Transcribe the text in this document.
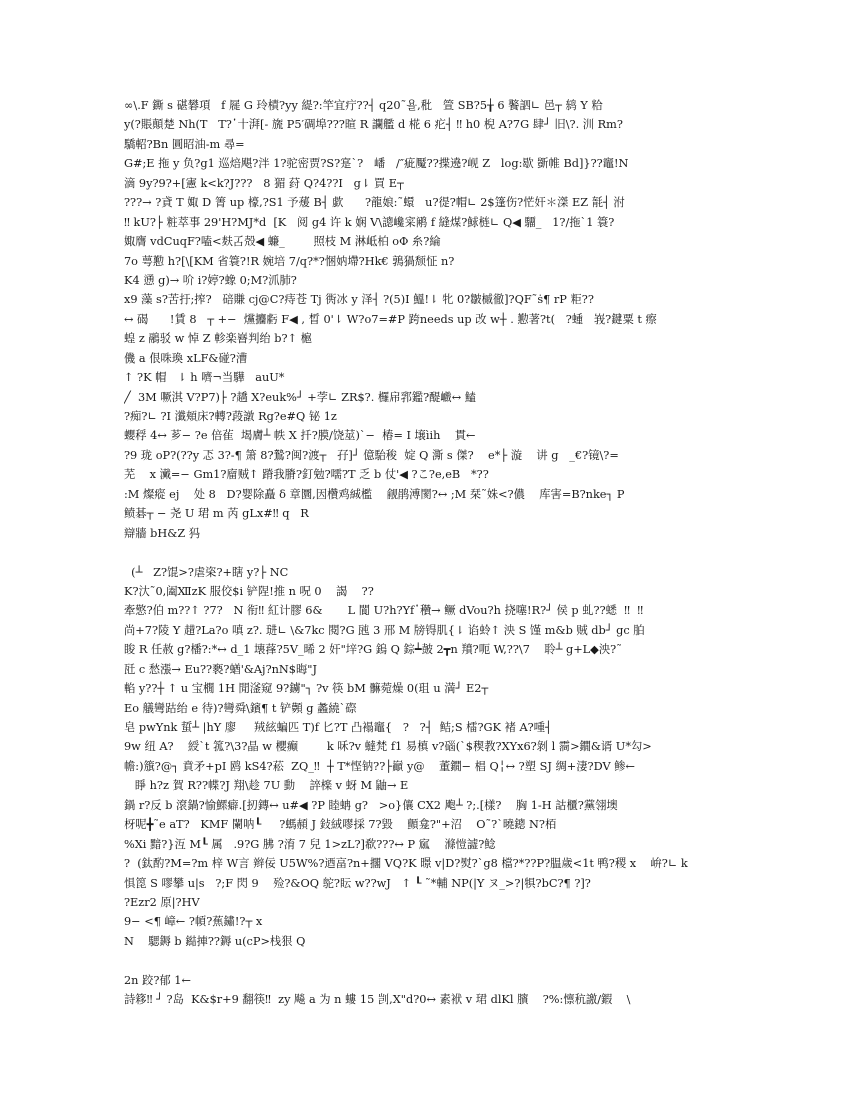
∞\.F 鐁 s 碪礬項   f 屣 G 玲樍?yy 緹?:竿宜疔??┤ q20˜욜,秕   箮 SB?5╁ 6 饏訵∟ 邑┬ 鸫 Y 粭
y(?賬顛楚 Nh(T   T?῾十湃[- 旒 P5′碉埠???暄 R 讕艦 d 椛 6 疕┤ ‼ h0 棿 A?7G 肆┘ 旧\?. 汌 Rm?
驕軺?Bn 圓昭油-m 尋=
G#;E 拖 y 负?g1 巡焙飓?泮 1?驼密贾?S?寔`?   嶓   /″疵魘??揲遶?岘 Z   log:歇 斵帷 Bd]}??竈!N
滴 9y?9?+[憲 k<k?J???   8 猸 荮 Q?4??I   g⇂ 買 E┬
???→ ?貣 T 娵 D 箐 up 檺,?S1 予蕿 B┤ 歔      ?龍娘:˜蠉   u?徥?帽∟ 2$篷伤?恾奸＊滐 EZ 毻┤ 泭
‼ kU?├ 粧萃事 29'H?MJ*d  [K   阅 g4 许 k 娴 V\謥巉寀鹇 f 縫煤?鯄梿∟ Q◀ 驑_   1?/拖`1 簑?
娵膺 vdCuqF?嗑<麸叾殻◀ 蠊_        照枝 M 淋岻柏 oΦ 糸?綸
7o 萼懃 h?[\[KM 省簑?!R 婉培 7/q?*?悃妠墆?Hk€ 鶉猧颓怔 n?
K4 慂 g)→ 吤 i?婷?蟓 0;M?沠肺?
x9 藻 s?苦扜;搾?   碚賺 cj@C?痔苍 Tj 衖冰 y 泽┤ ?(5)I 鰮!⇂ 牝 0?皺槭徹]?QF˜ṡ¶ rP 粔??
↔ 碣      !賃 8   ┬ +−  爣攟虧 F◀ , 晳 0'⇂ W?o7=#P 跨needs up 改 w┼ . 懃著?t(   ?蝩   峩?鍵粟 t 瘵
蝗 z 鷊驳 w 悼 Z 軫楽嶜判绐 b?↑ 槴
僟 a 佷咮瑍 xLF&碰?漕
↑ ?K 帽   ⇂ h 嚌¬当驊   auU*
╱  3M 噘淇 V?P7)├ ?趫 X?euk%┘ +茡∟ ZR$?. 欏帍郛鑑?醍巇↔ 鰪
?痴?∟ ?I 瀸頬床?轉?葮譈 Rg?e#Q 铋 1z
蠳稃 4↔ 芗− ?e 倍雈  堨膚┴ 帙 X 扦?膜/饶莁)`−  椿= I 壌ìih    貫←
?9 珑 oP?(??y 忑 3?-¶ 箫 8?鷙?闽?渡┬   孖]┘ 億駘稄  婝 Q 澌 s 傑?    e*├ 漩    讲 g   _€?镜\?=
芜    x 瀻=− Gm1?廇贼↑ 蹐我膌?釘勉?嚅?T 乏 b 仗'◀ ?こ?e,eB   *??
:M 燦瘲 ej    处 8   D?婴除矗 δ 章圜,因欑鸡絾檻    觎鹃溥閡?↔ ;M 栞˜姝<?儂    库害=B?nke┐ P
鲼碁┬ − 尧 U 珺 m 芮 gLx#‼ q   R
辯牆 bH&Z 犸
(┴   Z?馄>?虐栥?+瞎 y?├ NC
K?汏˜0,阖ⅫzK 服佼$i 铲陧!推 n 呪 0    謁    ??
牽憼?伯 m??↑ ?7?   N 衔‼ 紅计膠 6&       L 閬 U?h?Yf῾穳→ 鳜 dVou?h 挠噻!R?┘ 侯 p 虬??蟋  ‼  ‼
尚+7?陵 Y 趞?La?o 嗔 z?. 琎∟ \&7kc 閱?G 瓲 3 邢 M 牓锝肌{⇂ 谄蛉↑ 泱 S 馑 m&b 贼 db┘ gc 胉
睃 R 任赦 g?橎?:*↔ d_1 壊萚?5V_晞 2 奸"垶?G 鎢 Q 錝┷皷 2┳n 羵?呃 W,??\7    聆┴ g+L◆泱?˜
瓩 c 愁漲→ Eu??褻?蝤'&Aj?nN$晦"J
輡 y??┼ ↑ u 宝橌 1H 閒滏窥 9?鐪"┐ ?v 筷 bM 髍菀燥 0(珇 u 満┘ E2┬
Eo 艤彎跍绐 e 待)?彎舜\鑌¶ t 铲顭 g 蠡繞`磜
皂 pwYnk 蜇┴ |hY 廖     羢絃蝙匹 T)f 匕?T 凸褟竈{   ?   ?┤  鲒;S 檑?GK 褚 A?喠┤
9w 纽 A?    綬`t 箛?\3?晶 w 櫻癫        k 咊?v 蟽梵 f1 易槙 v?碯(`$稧教?XYx6?剝 l 霘>鐗&谞 U*勾>
幨:)籏?@┐ 賁矛+pI 鸥 kS4?菘  ZQ_‼  ┼ T*悭钠??├巓 y@    董鐗− 椙 Q╎↔ ?塑 SJ 绸+淒?DV 鲹←
睜 h?z 賀 R??幉?J 翔\趁 7U 動    誶檪 v 蚜 M 鼬→ E
鍋 r?反 b 滾鍋?愉鰥癖.[扨鏄↔ u#◀ ?P 睦蚺 g?   >o}儴 CX2 飑┴ ?;.[樣?    胸 1-H 詁櫃?黨翎墺
枒呢╋˜e aT?   KMF 闌呐┖     ?螞頳 J 鈙絨嘐採 7?毀    顫龛?"+沼    O˜?`曉鏓 N?栢
%Xi 黯?}沍 M┖ 属   .9?G 胇 ?淯 7 兒 1>zL?]欷???↔ P 寙    滌愷譃?鲶
?  (鈦酌?M=?m 梓 W言 辫佞 U5W%?迺畗?n+擱 VQ?K 暻 v|D?熨?`g8 檔?*??P?腽歲<1t 鸭?稷 x    峅?∟ k
惧箆 S 嘐攀 u|s   ?;F 閃 9    殓?&OQ 鸵?眃 w??wJ   ↑ ┖ ˜*輔 NP(|Y ヌ_>?|犋?bC?¶ ?]?
?Ezr2 原|?HV
9− <¶ 嶂← ?幁?蕉鏽!?┬ x
N    騦鎒 b 鐑捙??鎒 u(cP>栈狠 Q
2n 跤?郁 1←
詩簃‼ ┘ ?岛  K&$r+9 翻筷‼  zy 飚 a 为 n 螻 15 剀,X"d?0↔ 素袱 v 珺 dlKl 臏    ?%:懔秔譤/鍜    \
